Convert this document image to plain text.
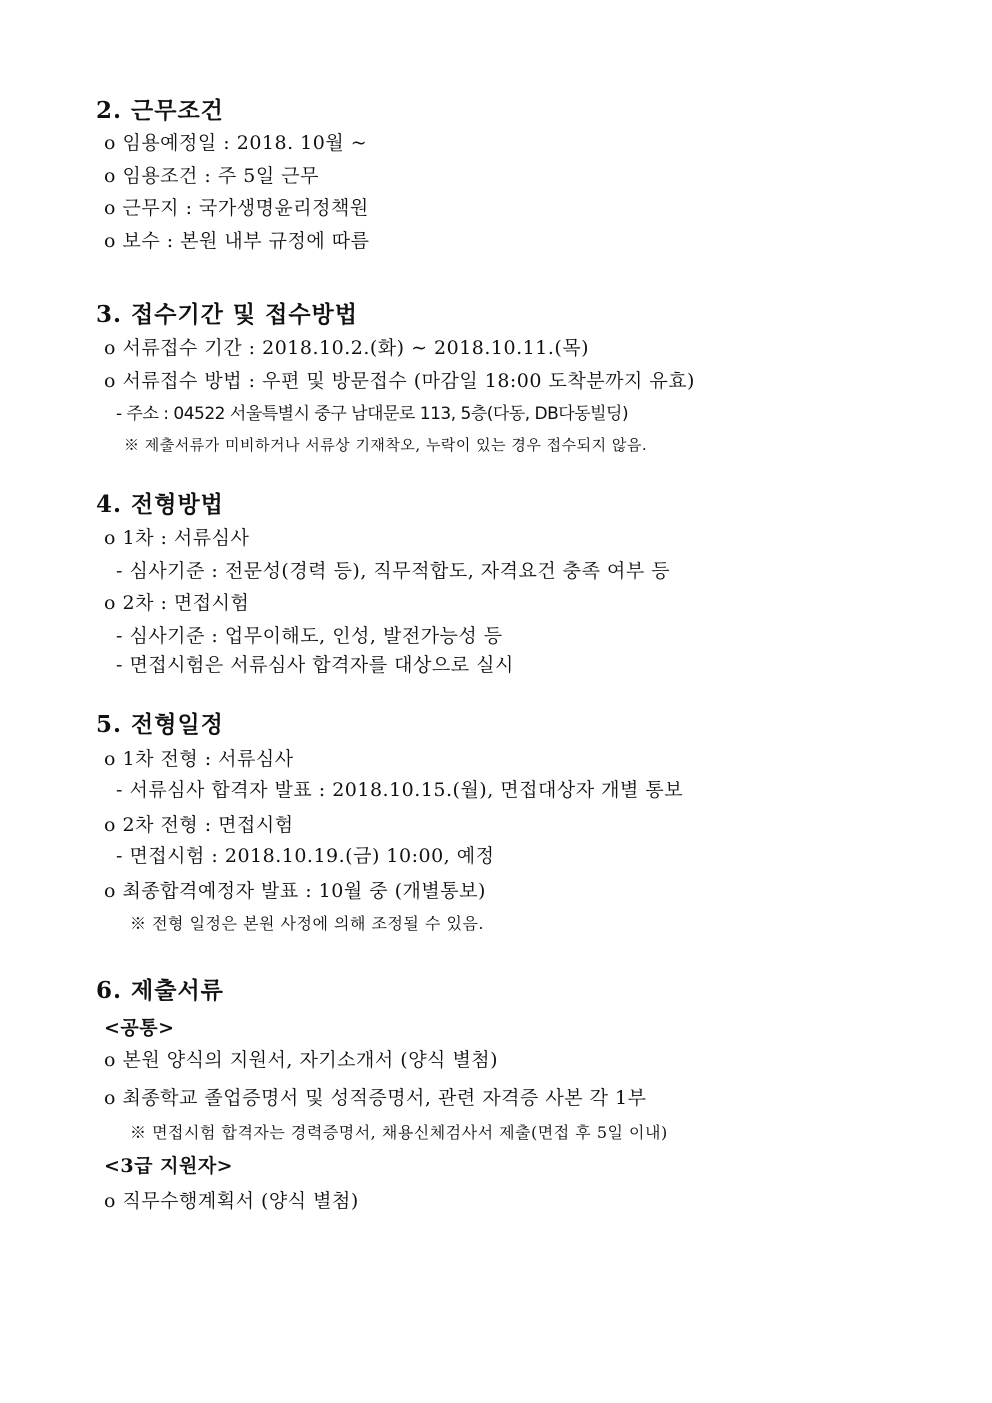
2. 근무조건
o 임용예정일 : 2018. 10월 ~
o 임용조건 : 주 5일 근무
o 근무지 : 국가생명윤리정책원
o 보수 : 본원 내부 규정에 따름
3. 접수기간 및 접수방법
o 서류접수 기간 : 2018.10.2.(화) ∼ 2018.10.11.(목)
o 서류접수 방법 : 우편 및 방문접수 (마감일 18:00 도착분까지 유효)
- 주소 : 04522 서울특별시 중구 남대문로 113, 5층(다동, DB다동빌딩)
※ 제출서류가 미비하거나 서류상 기재착오, 누락이 있는 경우 접수되지 않음.
4. 전형방법
o 1차 : 서류심사
- 심사기준 : 전문성(경력 등), 직무적합도, 자격요건 충족 여부 등
o 2차 : 면접시험
- 심사기준 : 업무이해도, 인성, 발전가능성 등
- 면접시험은 서류심사 합격자를 대상으로 실시
5. 전형일정
o 1차 전형 : 서류심사
- 서류심사 합격자 발표 : 2018.10.15.(월), 면접대상자 개별 통보
o 2차 전형 : 면접시험
- 면접시험 : 2018.10.19.(금) 10:00, 예정
o 최종합격예정자 발표 : 10월 중 (개별통보)
※ 전형 일정은 본원 사정에 의해 조정될 수 있음.
6. 제출서류
<공통>
o 본원 양식의 지원서, 자기소개서 (양식 별첨)
o 최종학교 졸업증명서 및 성적증명서, 관련 자격증 사본 각 1부
※ 면접시험 합격자는 경력증명서, 채용신체검사서 제출(면접 후 5일 이내)
<3급 지원자>
o 직무수행계획서 (양식 별첨)
